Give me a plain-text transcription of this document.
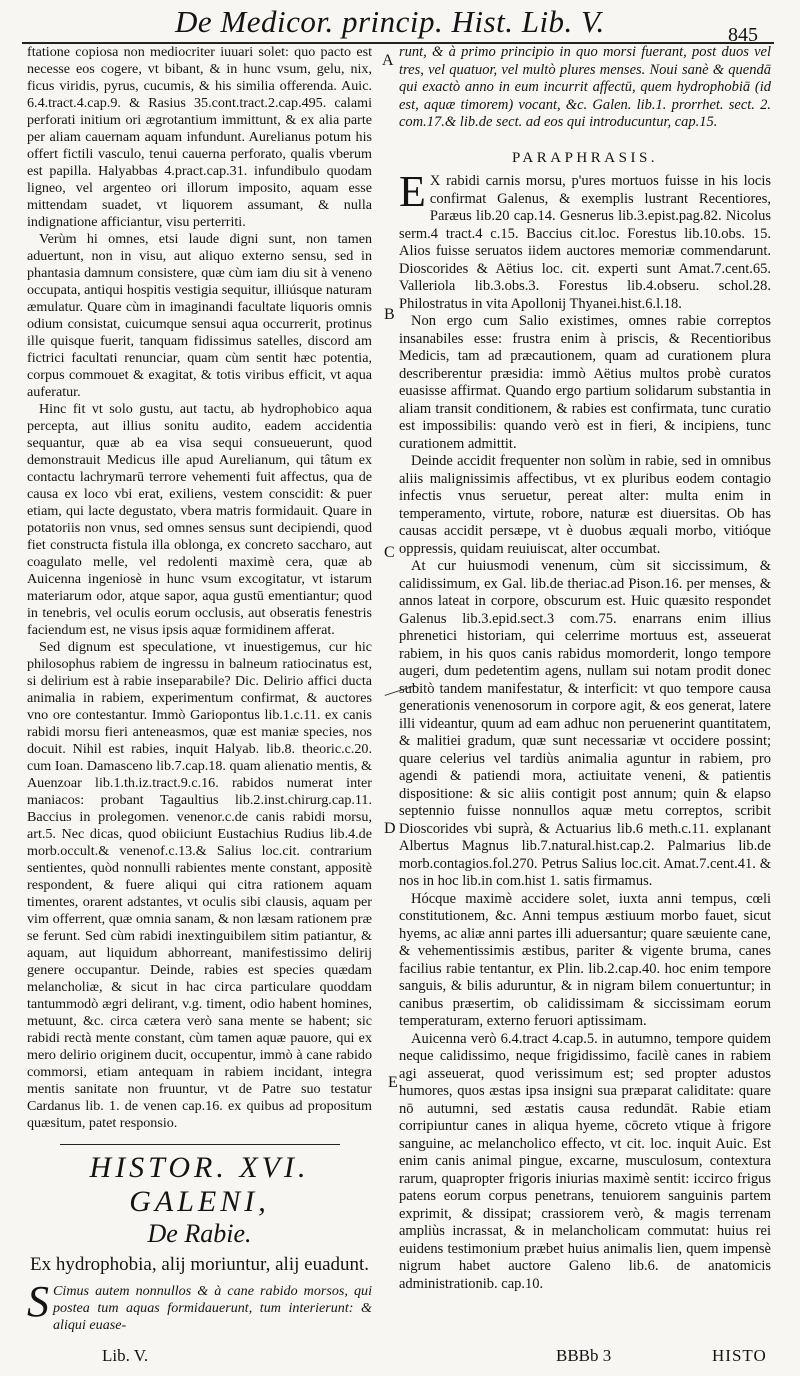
De Medicor. princip. Hist. Lib. V.	845

ftatione copiosa non mediocriter iuuari solet: quo pacto est necesse eos cogere, vt bibant, & in hunc vsum, gelu, nix, ficus viridis, pyrus, cucumis, & his similia offerenda. Auic. 6.4.tract.4.cap.9. & Rasius 35.cont.tract.2.cap.495. calami perforati initium ori ægrotantium immittunt, & ex alia parte per aliam cauernam aquam infundunt. Aurelianus potum his offert fictili vasculo, tenui cauerna perforato, qualis vberum est papilla. Halyabbas 4.pract.cap.31. infundibulo quodam ligneo, vel argenteo ori illorum imposito, aquam esse mittendam suadet, vt liquorem assumant, & nulla indignatione afficiantur, visu perterriti.

Verùm hi omnes, etsi laude digni sunt, non tamen aduertunt, non in visu, aut aliquo externo sensu, sed in phantasia damnum consistere, quæ cùm iam diu sit à veneno occupata, antiqui hospitis vestigia sequitur, illiúsque naturam æmulatur. Quare cùm in imaginandi facultate liquoris omnis odium consistat, cuicumque sensui aqua occurrerit, protinus ille quisque fuerit, tanquam fidissimus satelles, discord am fictrici facultati renunciar, quam cùm sentit hæc potentia, corpus commouet & exagitat, & totis viribus efficit, vt aqua auferatur.

Hinc fit vt solo gustu, aut tactu, ab hydrophobico aqua percepta, aut illius sonitu audito, eadem accidentia sequantur, quæ ab ea visa sequi consueuerunt, quod demonstrauit Medicus ille apud Aurelianum, qui tâtum ex contactu lachrymarū terrore vehementi fuit affectus, qua de causa ex loco vbi erat, exiliens, vestem conscidit: & puer etiam, qui lacte degustato, vbera matris formidauit. Quare in potatoriis non vnus, sed omnes sensus sunt decipiendi, quod fiet constructa fistula illa oblonga, ex concreto saccharo, aut coagulato melle, vel redolenti maximè cera, quæ ab Auicenna ingeniosè in hunc vsum excogitatur, vt istarum materiarum odor, atque sapor, aqua gustū ementiantur; quod in tenebris, vel oculis eorum occlusis, aut obseratis fenestris faciendum est, ne visus ipsis aquæ formidinem afferat.

Sed dignum est speculatione, vt inuestigemus, cur hic philosophus rabiem de ingressu in balneum ratiocinatus est, si delirium est à rabie inseparabile? Dic. Delirio affici ducta animalia in rabiem, experimentum confirmat, & auctores vno ore contestantur. Immò Gariopontus lib.1.c.11. ex canis rabidi morsu fieri anteneasmos, quæ est maniæ species, nos docuit. Nihil est rabies, inquit Halyab. lib.8. theoric.c.20. cum Ioan. Damasceno lib.7.cap.18. quam alienatio mentis, & Auenzoar lib.1.th.iz.tract.9.c.16. rabidos numerat inter maniacos: probant Tagaultius lib.2.inst.chirurg.cap.11. Baccius in prolegomen. venenor.c.de canis rabidi morsu, art.5. Nec dicas, quod obiiciunt Eustachius Rudius lib.4.de morb.occult.& venenof.c.13.& Salius loc.cit. contrarium sentientes, quòd nonnulli rabientes mente constant, appositè respondent, & fuere aliqui qui citra rationem aquam timentes, orarent adstantes, vt oculis sibi clausis, aquam per vim offerrent, quæ omnia sanam, & non læsam rationem præ se ferunt. Sed cùm rabidi inextinguibilem sitim patiantur, & aquam, aut liquidum abhorreant, manifestissimo delirij genere occupantur. Deinde, rabies est species quædam melancholiæ, & sicut in hac circa particulare quoddam tantummodò ægri delirant, v.g. timent, odio habent homines, metuunt, &c. circa cætera verò sana mente se habent; sic rabidi rectà mente constant, cùm tamen aquæ pauore, qui ex mero delirio originem ducit, occupentur, immò à cane rabido commorsi, etiam antequam in rabiem incidant, integra mentis sanitate non fruuntur, vt de Patre suo testatur Cardanus lib. 1. de venen cap.16. ex quibus ad propositum quæsitum, patet responsio.

HISTOR. XVI. GALENI,
De Rabie.
Ex hydrophobia, alij moriuntur, alij euadunt.

S Cimus autem nonnullos & à cane rabido morsos, qui postea tum aquas formidauerunt, tum interierunt: & aliqui euase-

runt, & à primo principio in quo morsi fuerant, post duos vel tres, vel quatuor, vel multò plures menses. Noui sanè & quendā qui exactò anno in eum incurrit affectū, quem hydrophobiā (id est, aquæ timorem) vocant, &c. Galen. lib.1. prorrhet. sect. 2. com.17.& lib.de sect. ad eos qui introducuntur, cap.15.

PARAPHRASIS.

E X rabidi carnis morsu, p'ures mortuos fuisse in his locis confirmat Galenus, & exemplis lustrant Recentiores, Paræus lib.20 cap.14. Gesnerus lib.3.epist.pag.82. Nicolus serm.4 tract.4 c.15. Baccius cit.loc. Forestus lib.10.obs. 15. Alios fuisse seruatos iidem auctores memoriæ commendarunt. Dioscorides & Aëtius loc. cit. experti sunt Amat.7.cent.65. Valleriola lib.3.obs.3. Forestus lib.4.obseru. schol.28. Philostratus in vita Apollonij Thyanei.hist.6.l.18.

Non ergo cum Salio existimes, omnes rabie correptos insanabiles esse: frustra enim à priscis, & Recentioribus Medicis, tam ad præcautionem, quam ad curationem plura describerentur præsidia: immò Aëtius multos probè curatos euasisse affirmat. Quando ergo partium solidarum substantia in aliam transit conditionem, & rabies est confirmata, tunc curatio est impossibilis: quando verò est in fieri, & incipiens, tunc curationem admittit.

Deinde accidit frequenter non solùm in rabie, sed in omnibus aliis malignissimis affectibus, vt ex pluribus eodem contagio infectis vnus seruetur, pereat alter: multa enim in temperamento, virtute, robore, naturæ est diuersitas. Ob has causas accidit persæpe, vt è duobus æquali morbo, vitióque oppressis, quidam reuiuiscat, alter occumbat.

At cur huiusmodi venenum, cùm sit siccissimum, & calidissimum, ex Gal. lib.de theriac.ad Pison.16. per menses, & annos lateat in corpore, obscurum est. Huic quæsito respondet Galenus lib.3.epid.sect.3 com.75. enarrans enim illius phrenetici historiam, qui celerrime mortuus est, asseuerat rabiem, in his quos canis rabidus momorderit, longo tempore augeri, dum pedetentim agens, nullam sui notam prodit donec subitò tandem manifestatur, & interficit: vt quo tempore causa generationis venenosorum in corpore agit, & eos generat, latere illi videantur, quum ad eam adhuc non peruenerint quantitatem, & malitiei gradum, quæ sunt necessariæ vt occidere possint; quare celerius vel tardiùs animalia aguntur in rabiem, pro agendi & patiendi mora, actiuitate veneni, & patientis dispositione: & sic aliis contigit post annum; quin & elapso septennio fuisse nonnullos aquæ metu correptos, scribit Dioscorides vbi suprà, & Actuarius lib.6 meth.c.11. explanant Albertus Magnus lib.7.natural.hist.cap.2. Palmarius lib.de morb.contagios.fol.270. Petrus Salius loc.cit. Amat.7.cent.41. & nos in hoc lib.in com.hist 1. satis firmamus.

Hócque maximè accidere solet, iuxta anni tempus, cœli constitutionem, &c. Anni tempus æstiuum morbo fauet, sicut hyems, ac aliæ anni partes illi aduersantur; quare sæuiente cane, & vehementissimis æstibus, pariter & vigente bruma, canes facilius rabie tentantur, ex Plin. lib.2.cap.40. hoc enim tempore sanguis, & bilis aduruntur, & in nigram bilem conuertuntur; in canibus præsertim, ob calidissimam & siccissimam eorum temperaturam, externo feruori aptissimam.

Auicenna verò 6.4.tract 4.cap.5. in autumno, tempore quidem neque calidissimo, neque frigidissimo, facilè canes in rabiem agi asseuerat, quod verissimum est; sed propter adustos humores, quos æstas ipsa insigni sua præparat caliditate: quare nō autumni, sed æstatis causa redundāt. Rabie etiam corripiuntur canes in aliqua hyeme, cōcreto vtique à frigore sanguine, ac melancholico effecto, vt cit. loc. inquit Auic. Est enim canis animal pingue, excarne, musculosum, contextura rarum, quapropter frigoris iniurias maximè sentit: iccirco frigus patens eorum corpus penetrans, tenuiorem sanguinis partem exprimit, & dissipat; crassiorem verò, & magis terrenam ampliùs incrassat, & in melancholicam commutat: huius rei euidens testimonium præbet huius animalis lien, quem impensè nigrum habet auctore Galeno lib.6. de anatomicis administrationib. cap.10.

A
B
C
D
E
Lib. V.	BBBb 3	HISTO
